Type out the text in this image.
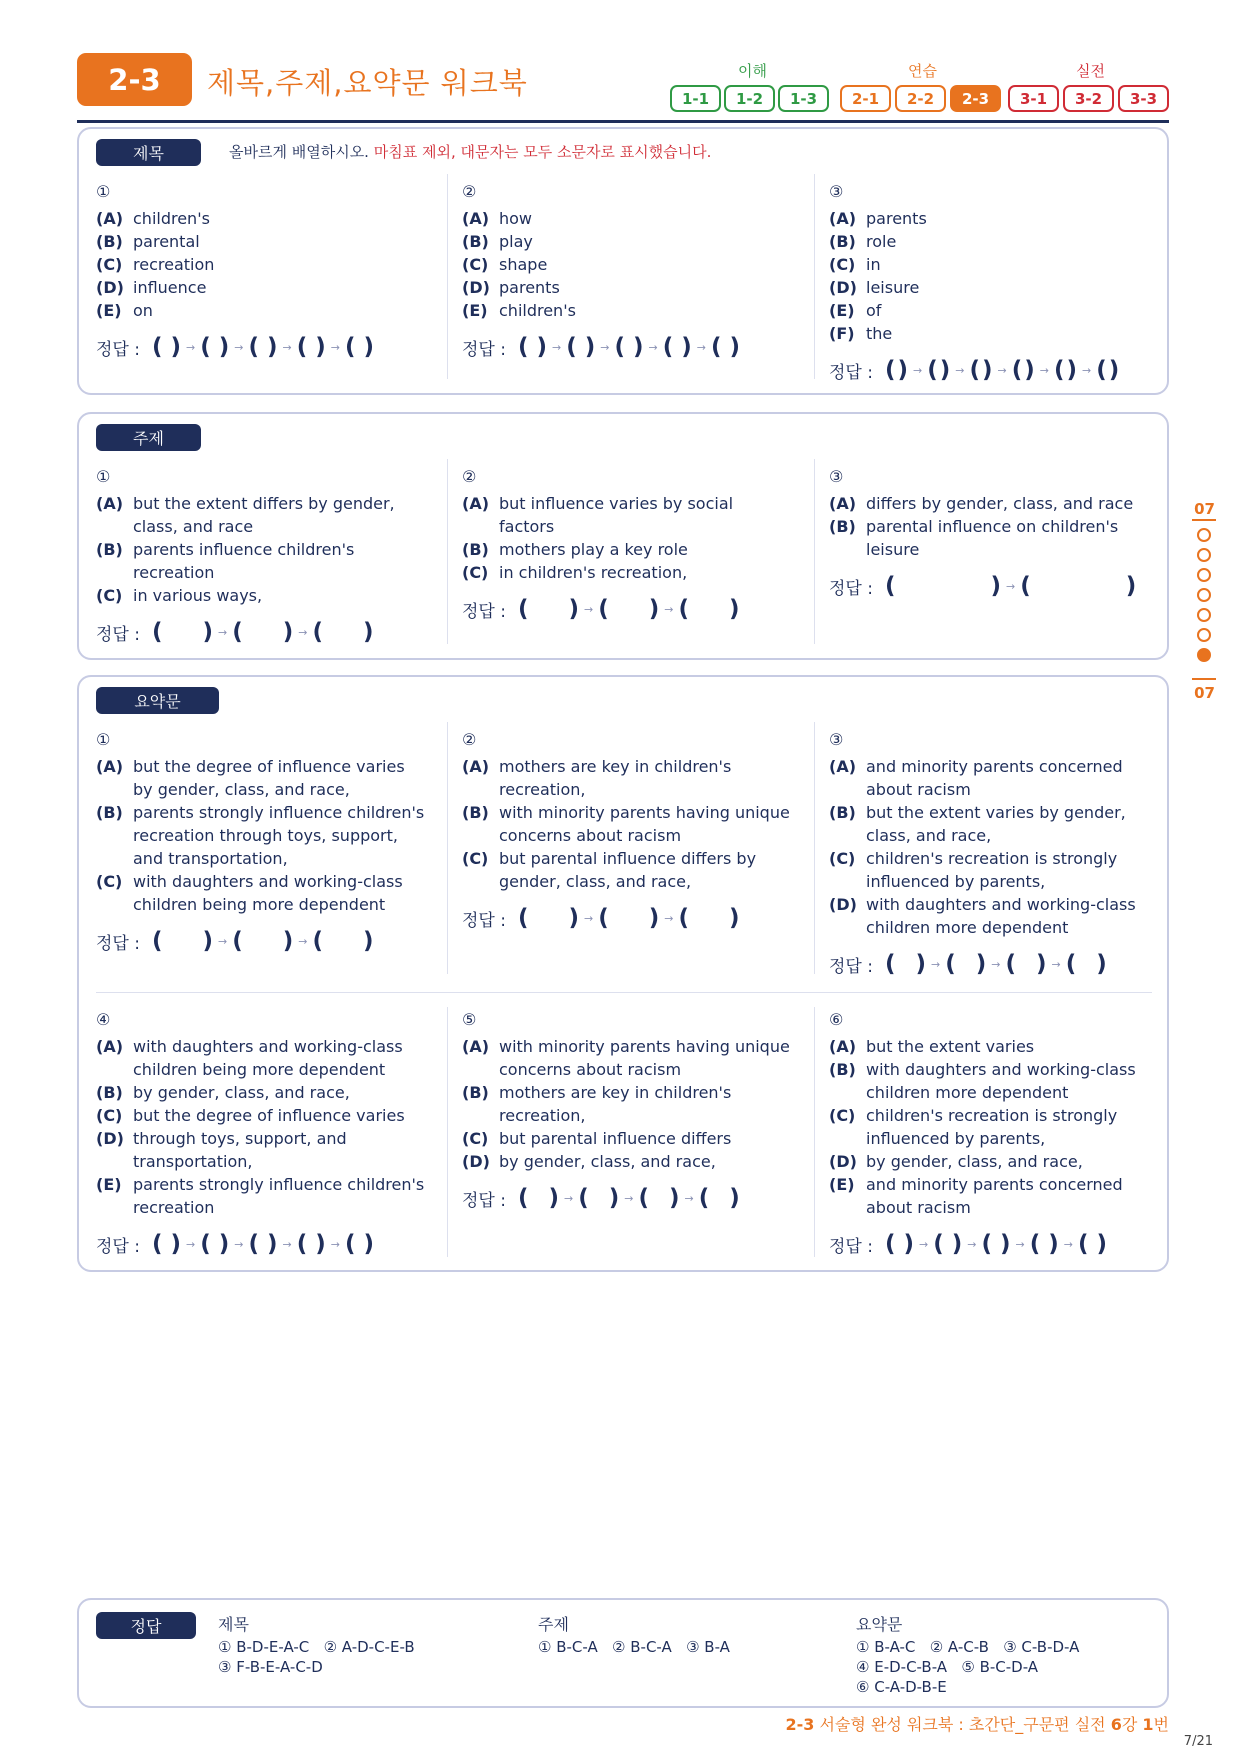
2-3	제목,주제,요약문 워크북	이해	연습	실전
1-1	1-2	1-3	2-1	2-2	2-3	3-1	3-2	3-3
제목	올바르게 배열하시오. 마침표 제외, 대문자는 모두 소문자로 표시했습니다.
①
(A) children's
(B) parental
(C) recreation
(D) influence
(E) on
정답 : ( ) → ( ) → ( ) → ( ) → ( )
②
(A) how
(B) play
(C) shape
(D) parents
(E) children's
정답 : ( ) → ( ) → ( ) → ( ) → ( )
③
(A) parents
(B) role
(C) in
(D) leisure
(E) of
(F) the
정답 : () → () → () → () → () → ()
주제
①
(A) but the extent differs by gender, class, and race
(B) parents influence children's recreation
(C) in various ways,
정답 : ( ) → ( ) → ( )
②
(A) but influence varies by social factors
(B) mothers play a key role
(C) in children's recreation,
정답 : ( ) → ( ) → ( )
③
(A) differs by gender, class, and race
(B) parental influence on children's leisure
정답 : (	) → (	)
요약문
①
(A) but the degree of influence varies by gender, class, and race,
(B) parents strongly influence children's recreation through toys, support, and transportation,
(C) with daughters and working-class children being more dependent
정답 : ( ) → ( ) → ( )
②
(A) mothers are key in children's recreation,
(B) with minority parents having unique concerns about racism
(C) but parental influence differs by gender, class, and race,
정답 : ( ) → ( ) → ( )
③
(A) and minority parents concerned about racism
(B) but the extent varies by gender, class, and race,
(C) children's recreation is strongly influenced by parents,
(D) with daughters and working-class children more dependent
정답 : ( ) → ( ) → ( ) → ( )
④
(A) with daughters and working-class children being more dependent
(B) by gender, class, and race,
(C) but the degree of influence varies
(D) through toys, support, and transportation,
(E) parents strongly influence children's recreation
정답 : ( ) → ( ) → ( ) → ( ) → ( )
⑤
(A) with minority parents having unique concerns about racism
(B) mothers are key in children's recreation,
(C) but parental influence differs
(D) by gender, class, and race,
정답 : ( ) → ( ) → ( ) → ( )
⑥
(A) but the extent varies
(B) with daughters and working-class children more dependent
(C) children's recreation is strongly influenced by parents,
(D) by gender, class, and race,
(E) and minority parents concerned about racism
정답 : ( ) → ( ) → ( ) → ( ) → ( )
07
07
정답	제목
① B-D-E-A-C   ② A-D-C-E-B
③ F-B-E-A-C-D
주제
① B-C-A   ② B-C-A   ③ B-A
요약문
① B-A-C   ② A-C-B   ③ C-B-D-A
④ E-D-C-B-A   ⑤ B-C-D-A
⑥ C-A-D-B-E
2-3 서술형 완성 워크북 : 초간단_구문편 실전 6강 1번
7/21
